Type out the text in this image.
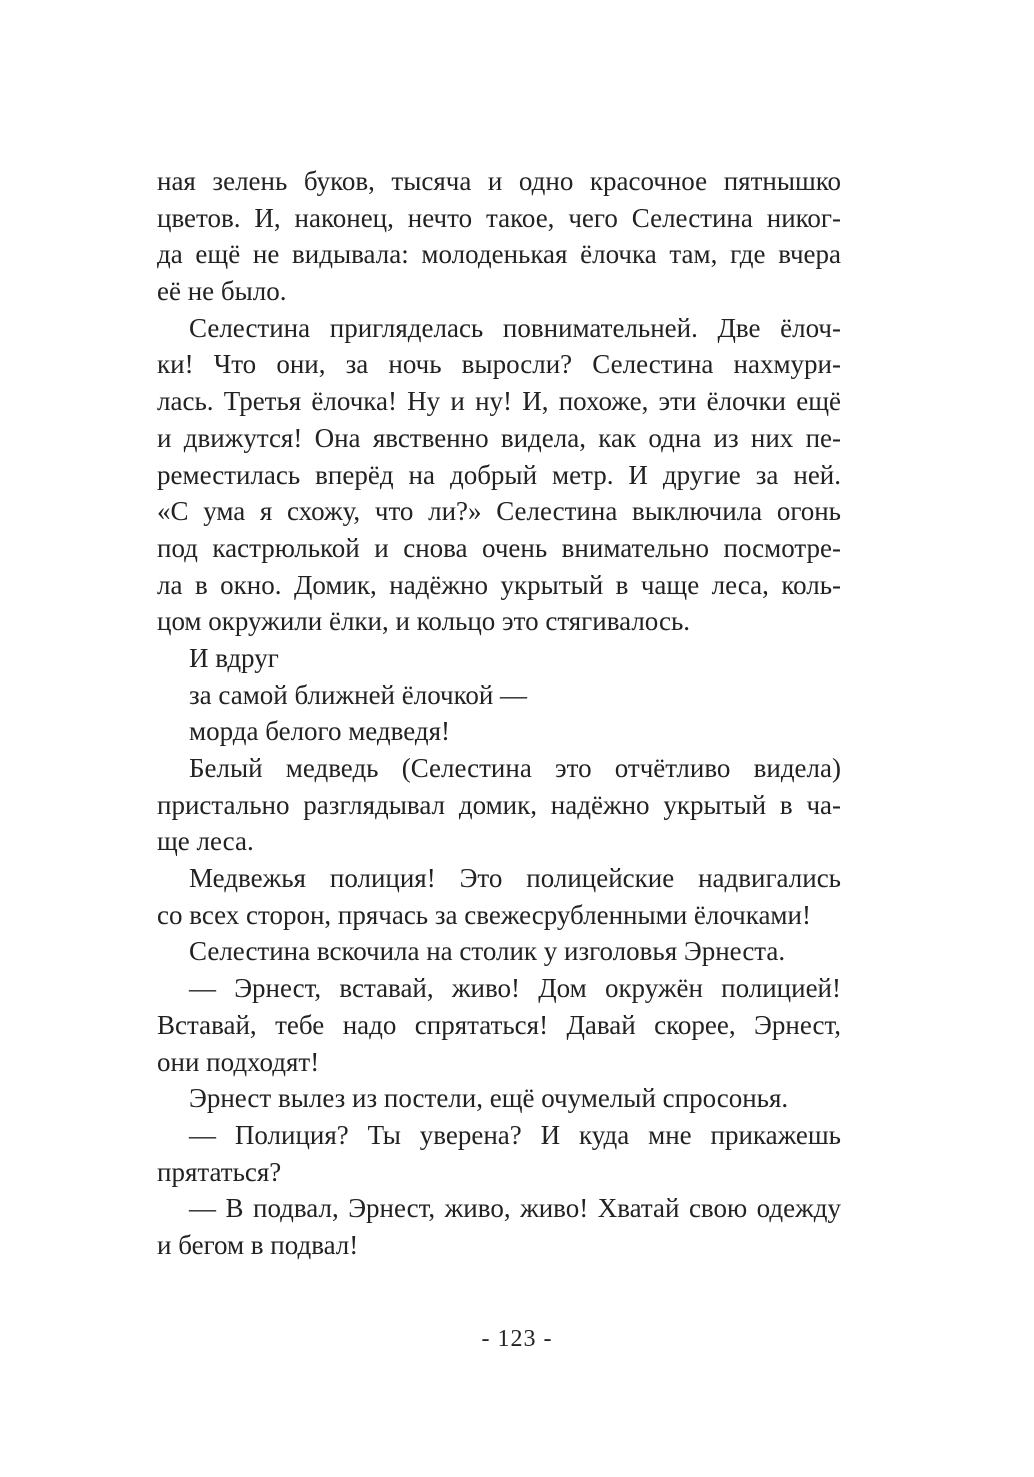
ная зелень буков, тысяча и одно красочное пятнышко
цветов. И, наконец, нечто такое, чего Селестина никог-
да ещё не видывала: молоденькая ёлочка там, где вчера
её не было.
Селестина пригляделась повнимательней. Две ёлоч-
ки! Что они, за ночь выросли? Селестина нахмури-
лась. Третья ёлочка! Ну и ну! И, похоже, эти ёлочки ещё
и движутся! Она явственно видела, как одна из них пе-
реместилась вперёд на добрый метр. И другие за ней.
«С ума я схожу, что ли?» Селестина выключила огонь
под кастрюлькой и снова очень внимательно посмотре-
ла в окно. Домик, надёжно укрытый в чаще леса, коль-
цом окружили ёлки, и кольцо это стягивалось.
И вдруг
за самой ближней ёлочкой —
морда белого медведя!
Белый медведь (Селестина это отчётливо видела)
пристально разглядывал домик, надёжно укрытый в ча-
ще леса.
Медвежья полиция! Это полицейские надвигались
со всех сторон, прячась за свежесрубленными ёлочками!
Селестина вскочила на столик у изголовья Эрнеста.
— Эрнест, вставай, живо! Дом окружён полицией!
Вставай, тебе надо спрятаться! Давай скорее, Эрнест,
они подходят!
Эрнест вылез из постели, ещё очумелый спросонья.
— Полиция? Ты уверена? И куда мне прикажешь
прятаться?
— В подвал, Эрнест, живо, живо! Хватай свою одежду
и бегом в подвал!
- 123 -
